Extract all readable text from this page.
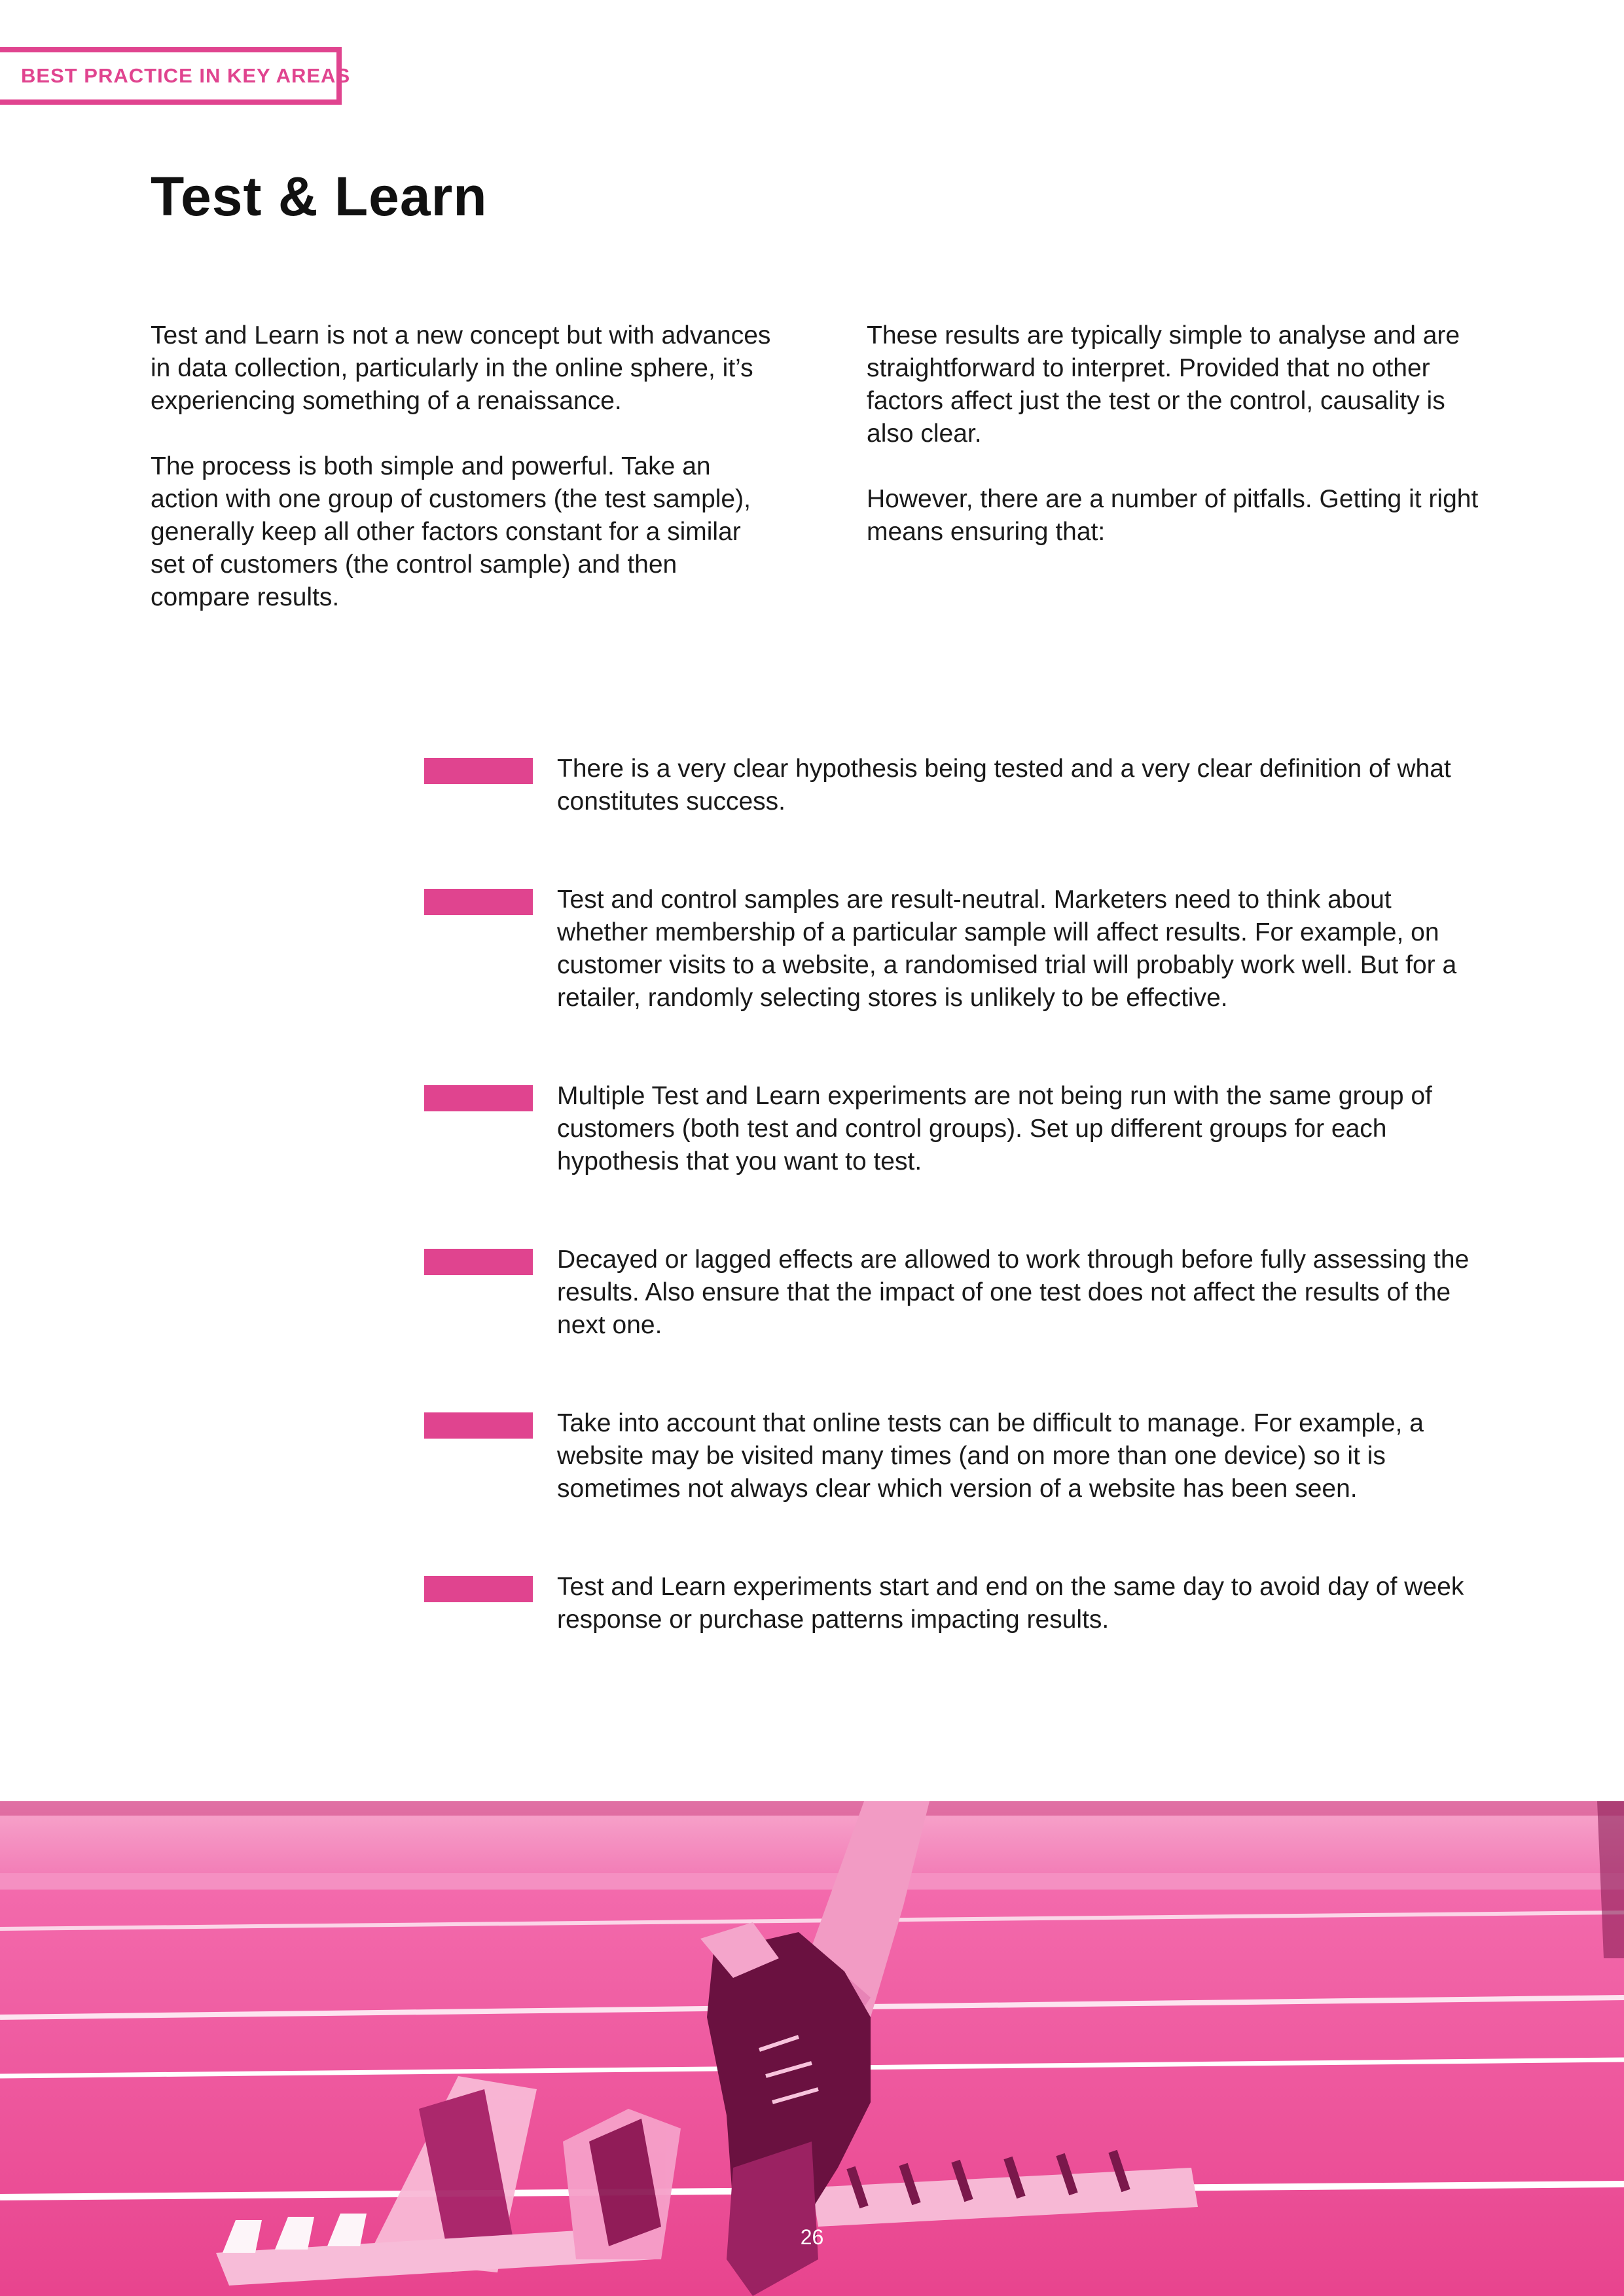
BEST PRACTICE IN KEY AREAS
Test & Learn

Test and Learn is not a new concept but with advances in data collection, particularly in the online sphere, it’s experiencing something of a renaissance.

The process is both simple and powerful. Take an action with one group of customers (the test sample), generally keep all other factors constant for a similar set of customers (the control sample) and then compare results.

These results are typically simple to analyse and are straightforward to interpret. Provided that no other factors affect just the test or the control, causality is also clear.

However, there are a number of pitfalls. Getting it right means ensuring that:

There is a very clear hypothesis being tested and a very clear definition of what constitutes success.
Test and control samples are result-neutral. Marketers need to think about whether membership of a particular sample will affect results. For example, on customer visits to a website, a randomised trial will probably work well. But for a retailer, randomly selecting stores is unlikely to be effective.
Multiple Test and Learn experiments are not being run with the same group of customers (both test and control groups). Set up different groups for each hypothesis that you want to test.
Decayed or lagged effects are allowed to work through before fully assessing the results. Also ensure that the impact of one test does not affect the results of the next one.
Take into account that online tests can be difficult to manage. For example, a website may be visited many times (and on more than one device) so it is sometimes not always clear which version of a website has been seen.
Test and Learn experiments start and end on the same day to avoid day of week response or purchase patterns impacting results.
26
